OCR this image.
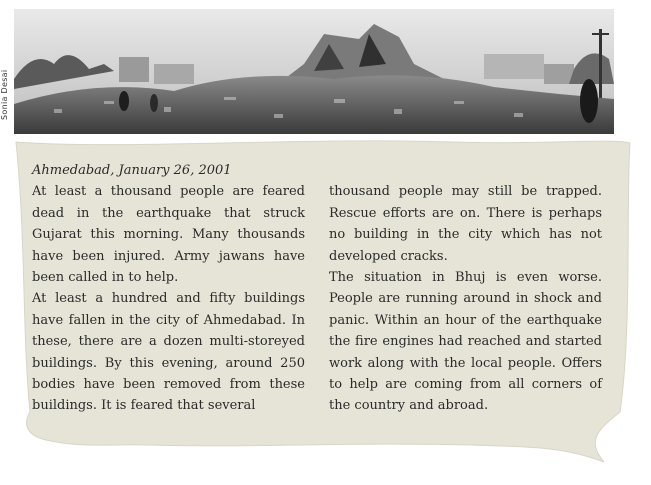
Sonia Desai

Ahmedabad, January 26, 2001

At least a thousand people are feared dead in the earthquake that struck Gujarat this morning. Many thousands have been injured. Army jawans have been called in to help.

At least a hundred and fifty buildings have fallen in the city of Ahmedabad. In these, there are a dozen multi-storeyed buildings. By this evening, around 250 bodies have been removed from these buildings. It is feared that several

thousand people may still be trapped. Rescue efforts are on. There is perhaps no building in the city which has not developed cracks.

The situation in Bhuj is even worse. People are running around in shock and panic. Within an hour of the earthquake the fire engines had reached and started work along with the local people. Offers to help are coming from all corners of the country and abroad.
